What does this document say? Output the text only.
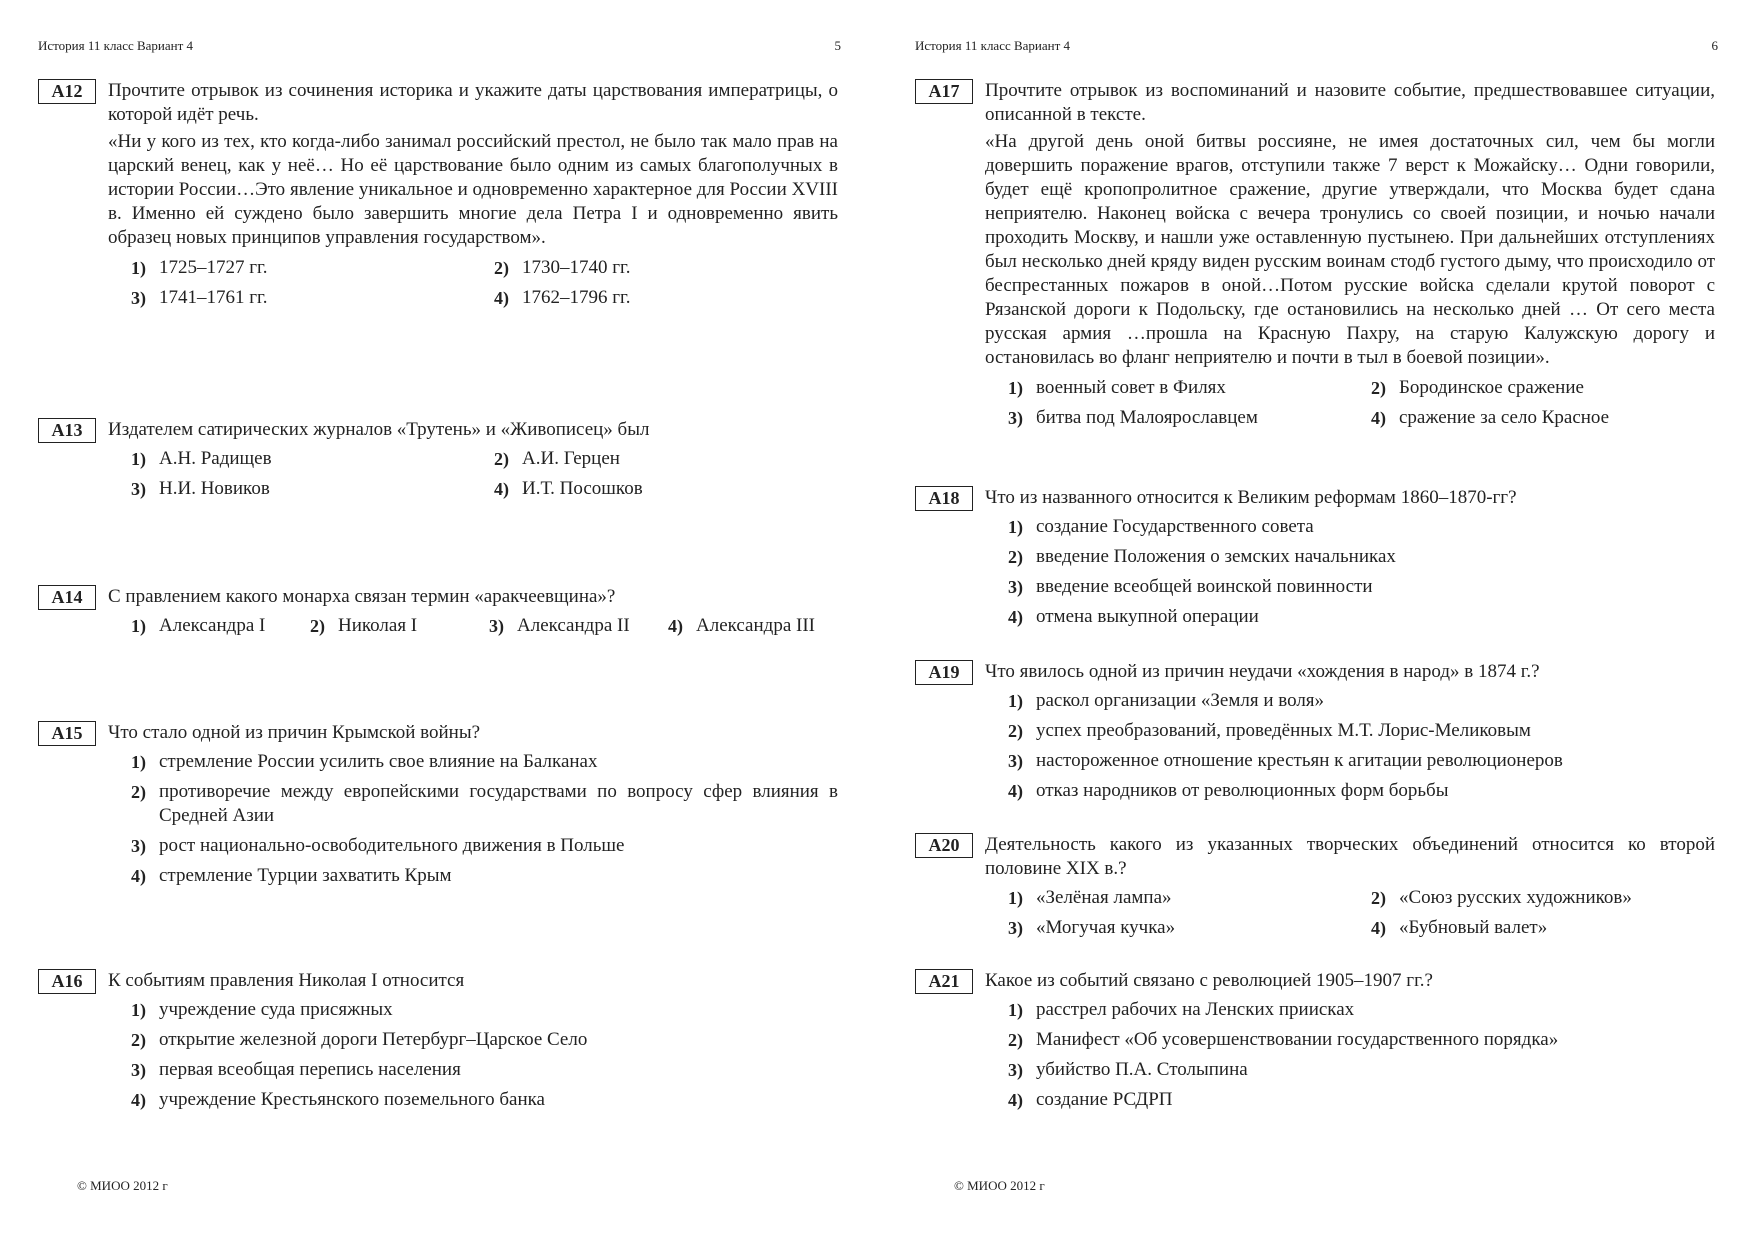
История 11 класс Вариант 4	5
A12	Прочтите отрывок из сочинения историка и укажите даты царствования императрицы, о которой идёт речь.
«Ни у кого из тех, кто когда-либо занимал российский престол, не было так мало прав на царский венец, как у неё… Но её царствование было одним из самых благополучных в истории России…Это явление уникальное и одновременно характерное для России XVIII в. Именно ей суждено было завершить многие дела Петра I и одновременно явить образец новых принципов управления государством».
1) 1725–1727 гг.	2) 1730–1740 гг.
3) 1741–1761 гг.	4) 1762–1796 гг.
A13	Издателем сатирических журналов «Трутень» и «Живописец» был
1) А.Н. Радищев	2) А.И. Герцен
3) Н.И. Новиков	4) И.Т. Посошков
A14	С правлением какого монарха связан термин «аракчеевщина»?
1) Александра I	2) Николая I	3) Александра II	4) Александра III
A15	Что стало одной из причин Крымской войны?
1) стремление России усилить свое влияние на Балканах
2) противоречие между европейскими государствами по вопросу сфер влияния в Средней Азии
3) рост национально-освободительного движения в Польше
4) стремление Турции захватить Крым
A16	К событиям правления Николая I относится
1) учреждение суда присяжных
2) открытие железной дороги Петербург–Царское Село
3) первая всеобщая перепись населения
4) учреждение Крестьянского поземельного банка
© МИОО 2012 г
История 11 класс Вариант 4	6
A17	Прочтите отрывок из воспоминаний и назовите событие, предшествовавшее ситуации, описанной в тексте.
«На другой день оной битвы россияне, не имея достаточных сил, чем бы могли довершить поражение врагов, отступили также 7 верст к Можайску… Одни говорили, будет ещё кропопролитное сражение, другие утверждали, что Москва будет сдана неприятелю. Наконец войска с вечера тронулись со своей позиции, и ночью начали проходить Москву, и нашли уже оставленную пустынею. При дальнейших отступлениях был несколько дней кряду виден русским воинам стодб густого дыму, что происходило от беспрестанных пожаров в оной…Потом русские войска сделали крутой поворот с Рязанской дороги к Подольску, где остановились на несколько дней … От сего места русская армия …прошла на Красную Пахру, на старую Калужскую дорогу и остановилась во фланг неприятелю и почти в тыл в боевой позиции».
1) военный совет в Филях	2) Бородинское сражение
3) битва под Малоярославцем	4) сражение за село Красное
A18	Что из названного относится к Великим реформам 1860–1870-гг?
1) создание Государственного совета
2) введение Положения о земских начальниках
3) введение всеобщей воинской повинности
4) отмена выкупной операции
A19	Что явилось одной из причин неудачи «хождения в народ» в 1874 г.?
1) раскол организации «Земля и воля»
2) успех преобразований, проведённых М.Т. Лорис-Меликовым
3) настороженное отношение крестьян к агитации революционеров
4) отказ народников от революционных форм борьбы
A20	Деятельность какого из указанных творческих объединений относится ко второй половине XIX в.?
1) «Зелёная лампа»	2) «Союз русских художников»
3) «Могучая кучка»	4) «Бубновый валет»
A21	Какое из событий связано с революцией 1905–1907 гг.?
1) расстрел рабочих на Ленских приисках
2) Манифест «Об усовершенствовании государственного порядка»
3) убийство П.А. Столыпина
4) создание РСДРП
© МИОО 2012 г
